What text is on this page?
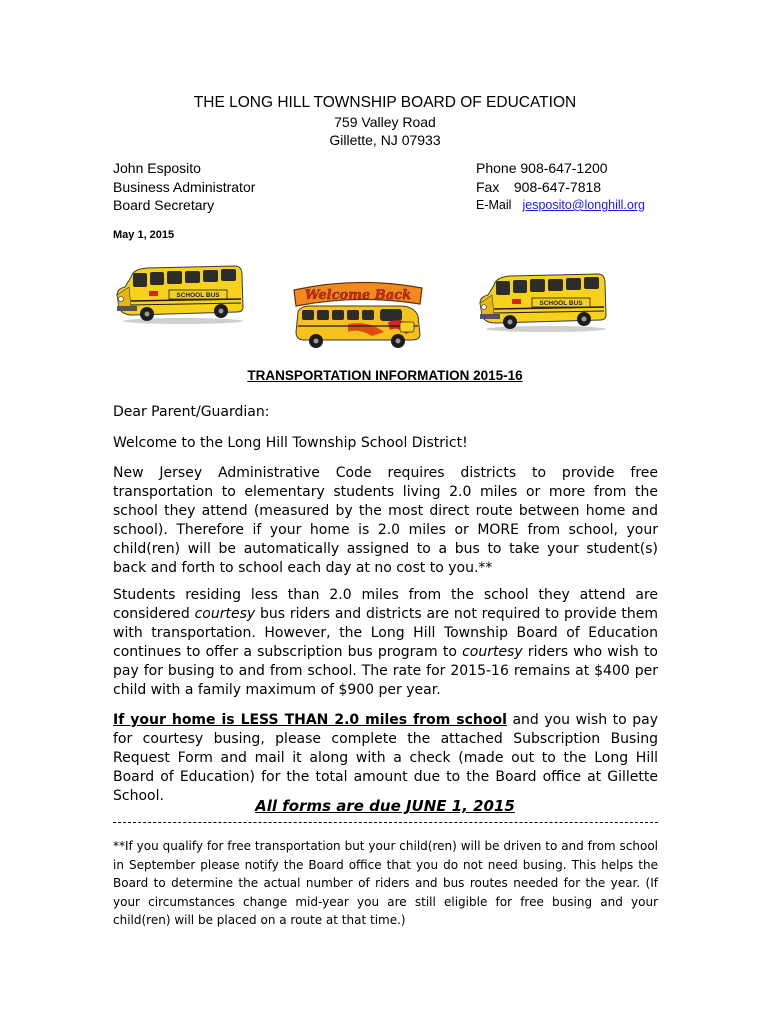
THE LONG HILL TOWNSHIP BOARD OF EDUCATION
759 Valley Road
Gillette, NJ 07933
John Esposito
Business Administrator
Board Secretary
Phone 908-647-1200
Fax 908-647-7818
E-Mail jesposito@longhill.org
May 1, 2015
SCHOOL BUS	Welcome Back
SCHOOL BUS
TRANSPORTATION INFORMATION 2015-16
Dear Parent/Guardian:
Welcome to the Long Hill Township School District!

New Jersey Administrative Code requires districts to provide free transportation to elementary students living 2.0 miles or more from the school they attend (measured by the most direct route between home and school). Therefore if your home is 2.0 miles or MORE from school, your child(ren) will be automatically assigned to a bus to take your student(s) back and forth to school each day at no cost to you.**

Students residing less than 2.0 miles from the school they attend are considered courtesy bus riders and districts are not required to provide them with transportation. However, the Long Hill Township Board of Education continues to offer a subscription bus program to courtesy riders who wish to pay for busing to and from school. The rate for 2015-16 remains at $400 per child with a family maximum of $900 per year.

If your home is LESS THAN 2.0 miles from school and you wish to pay for courtesy busing, please complete the attached Subscription Busing Request Form and mail it along with a check (made out to the Long Hill Board of Education) for the total amount due to the Board office at Gillette School.

All forms are due JUNE 1, 2015
**If you qualify for free transportation but your child(ren) will be driven to and from school in September please notify the Board office that you do not need busing. This helps the Board to determine the actual number of riders and bus routes needed for the year. (If your circumstances change mid-year you are still eligible for free busing and your child(ren) will be placed on a route at that time.)
